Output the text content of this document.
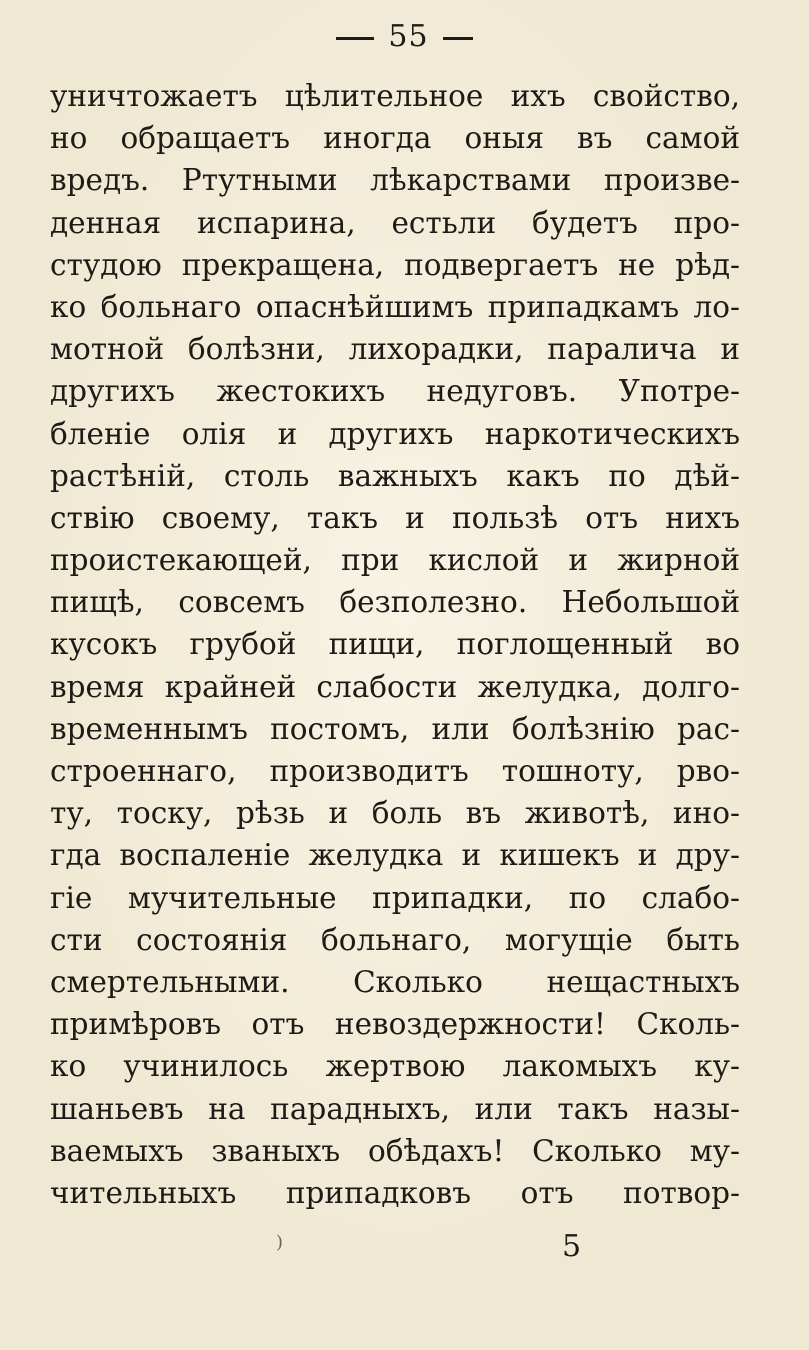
55
уничтожаетъ цѣлительное ихъ свойство,
но обращаетъ иногда оныя въ самой
вредъ. Ртутными лѣкарствами произве-
денная испарина, естьли будетъ про-
студою прекращена, подвергаетъ не рѣд-
ко больнаго опаснѣйшимъ припадкамъ ло-
мотной болѣзни, лихорадки, паралича и
другихъ жестокихъ недуговъ. Употре-
бленіе олія и другихъ наркотическихъ
растѣній, столь важныхъ какъ по дѣй-
ствію своему, такъ и пользѣ отъ нихъ
проистекающей, при кислой и жирной
пищѣ, совсемъ безполезно. Небольшой
кусокъ грубой пищи, поглощенный во
время крайней слабости желудка, долго-
временнымъ постомъ, или болѣзнію рас-
строеннаго, производитъ тошноту, рво-
ту, тоску, рѣзь и боль въ животѣ, ино-
гда воспаленіе желудка и кишекъ и дру-
гіе мучительные припадки, по слабо-
сти состоянія больнаго, могущіе быть
смертельными. Сколько нещастныхъ
примѣровъ отъ невоздержности! Сколь-
ко учинилось жертвою лакомыхъ ку-
шаньевъ на парадныхъ, или такъ назы-
ваемыхъ званыхъ обѣдахъ! Сколько му-
чительныхъ припадковъ отъ потвор-
)	5
